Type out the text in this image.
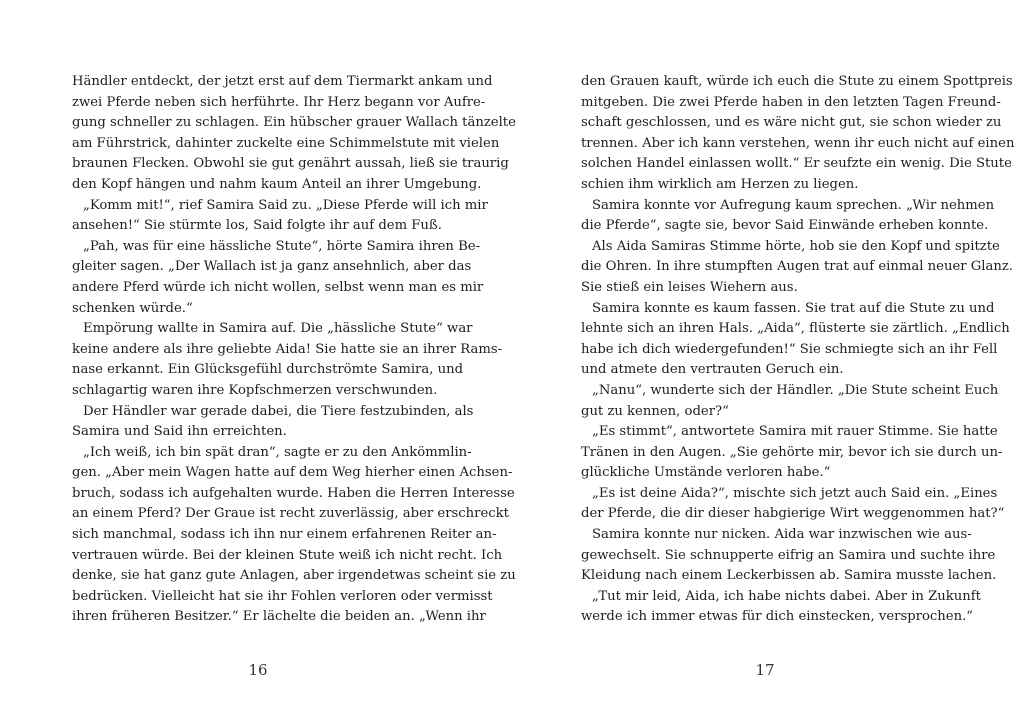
Händler entdeckt, der jetzt erst auf dem Tiermarkt ankam und
zwei Pferde neben sich herführte. Ihr Herz begann vor Aufre-
gung schneller zu schlagen. Ein hübscher grauer Wallach tänzelte
am Führstrick, dahinter zuckelte eine Schimmelstute mit vielen
braunen Flecken. Obwohl sie gut genährt aussah, ließ sie traurig
den Kopf hängen und nahm kaum Anteil an ihrer Umgebung.
„Komm mit!“, rief Samira Said zu. „Diese Pferde will ich mir
ansehen!“ Sie stürmte los, Said folgte ihr auf dem Fuß.
„Pah, was für eine hässliche Stute“, hörte Samira ihren Be-
gleiter sagen. „Der Wallach ist ja ganz ansehnlich, aber das
andere Pferd würde ich nicht wollen, selbst wenn man es mir
schenken würde.“
Empörung wallte in Samira auf. Die „hässliche Stute“ war
keine andere als ihre geliebte Aida! Sie hatte sie an ihrer Rams-
nase erkannt. Ein Glücksgefühl durchströmte Samira, und
schlagartig waren ihre Kopfschmerzen verschwunden.
Der Händler war gerade dabei, die Tiere festzubinden, als
Samira und Said ihn erreichten.
„Ich weiß, ich bin spät dran“, sagte er zu den Ankömmlin-
gen. „Aber mein Wagen hatte auf dem Weg hierher einen Achsen-
bruch, sodass ich aufgehalten wurde. Haben die Herren Interesse
an einem Pferd? Der Graue ist recht zuverlässig, aber erschreckt
sich manchmal, sodass ich ihn nur einem erfahrenen Reiter an-
vertrauen würde. Bei der kleinen Stute weiß ich nicht recht. Ich
denke, sie hat ganz gute Anlagen, aber irgendetwas scheint sie zu
bedrücken. Vielleicht hat sie ihr Fohlen verloren oder vermisst
ihren früheren Besitzer.“ Er lächelte die beiden an. „Wenn ihr
den Grauen kauft, würde ich euch die Stute zu einem Spottpreis
mitgeben. Die zwei Pferde haben in den letzten Tagen Freund-
schaft geschlossen, und es wäre nicht gut, sie schon wieder zu
trennen. Aber ich kann verstehen, wenn ihr euch nicht auf einen
solchen Handel einlassen wollt.“ Er seufzte ein wenig. Die Stute
schien ihm wirklich am Herzen zu liegen.
Samira konnte vor Aufregung kaum sprechen. „Wir nehmen
die Pferde“, sagte sie, bevor Said Einwände erheben konnte.
Als Aida Samiras Stimme hörte, hob sie den Kopf und spitzte
die Ohren. In ihre stumpften Augen trat auf einmal neuer Glanz.
Sie stieß ein leises Wiehern aus.
Samira konnte es kaum fassen. Sie trat auf die Stute zu und
lehnte sich an ihren Hals. „Aida“, flüsterte sie zärtlich. „Endlich
habe ich dich wiedergefunden!“ Sie schmiegte sich an ihr Fell
und atmete den vertrauten Geruch ein.
„Nanu“, wunderte sich der Händler. „Die Stute scheint Euch
gut zu kennen, oder?“
„Es stimmt“, antwortete Samira mit rauer Stimme. Sie hatte
Tränen in den Augen. „Sie gehörte mir, bevor ich sie durch un-
glückliche Umstände verloren habe.“
„Es ist deine Aida?“, mischte sich jetzt auch Said ein. „Eines
der Pferde, die dir dieser habgierige Wirt weggenommen hat?“
Samira konnte nur nicken. Aida war inzwischen wie aus-
gewechselt. Sie schnupperte eifrig an Samira und suchte ihre
Kleidung nach einem Leckerbissen ab. Samira musste lachen.
„Tut mir leid, Aida, ich habe nichts dabei. Aber in Zukunft
werde ich immer etwas für dich einstecken, versprochen.“
16	17
